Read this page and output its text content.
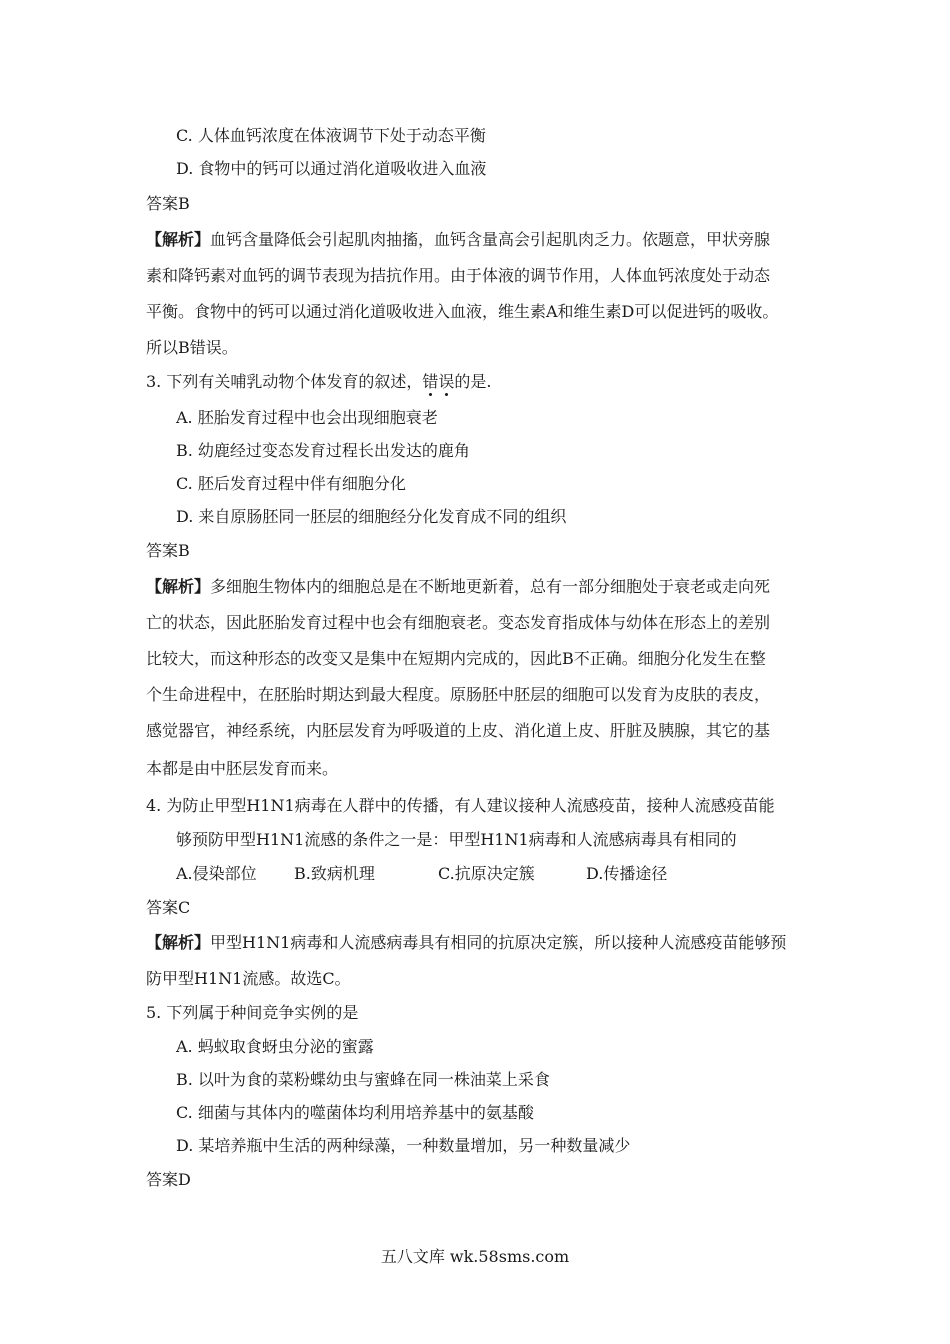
C. 人体血钙浓度在体液调节下处于动态平衡
D. 食物中的钙可以通过消化道吸收进入血液
答案B
【解析】血钙含量降低会引起肌肉抽搐，血钙含量高会引起肌肉乏力。依题意，甲状旁腺
素和降钙素对血钙的调节表现为拮抗作用。由于体液的调节作用，人体血钙浓度处于动态
平衡。食物中的钙可以通过消化道吸收进入血液，维生素A和维生素D可以促进钙的吸收。
所以B错误。
3. 下列有关哺乳动物个体发育的叙述，错误的是.
A. 胚胎发育过程中也会出现细胞衰老
B. 幼鹿经过变态发育过程长出发达的鹿角
C. 胚后发育过程中伴有细胞分化
D. 来自原肠胚同一胚层的细胞经分化发育成不同的组织
答案B
【解析】多细胞生物体内的细胞总是在不断地更新着，总有一部分细胞处于衰老或走向死
亡的状态，因此胚胎发育过程中也会有细胞衰老。变态发育指成体与幼体在形态上的差别
比较大，而这种形态的改变又是集中在短期内完成的，因此B不正确。细胞分化发生在整
个生命进程中，在胚胎时期达到最大程度。原肠胚中胚层的细胞可以发育为皮肤的表皮，
感觉器官，神经系统，内胚层发育为呼吸道的上皮、消化道上皮、肝脏及胰腺，其它的基
本都是由中胚层发育而来。
4. 为防止甲型H1N1病毒在人群中的传播，有人建议接种人流感疫苗，接种人流感疫苗能
够预防甲型H1N1流感的条件之一是：甲型H1N1病毒和人流感病毒具有相同的
A.侵染部位 B.致病机理	C.抗原决定簇	D.传播途径
答案C
【解析】甲型H1N1病毒和人流感病毒具有相同的抗原决定簇，所以接种人流感疫苗能够预
防甲型H1N1流感。故选C。
5. 下列属于种间竞争实例的是
A. 蚂蚁取食蚜虫分泌的蜜露
B. 以叶为食的菜粉蝶幼虫与蜜蜂在同一株油菜上采食
C. 细菌与其体内的噬菌体均利用培养基中的氨基酸
D. 某培养瓶中生活的两种绿藻，一种数量增加，另一种数量减少
答案D
五八文库 wk.58sms.com
